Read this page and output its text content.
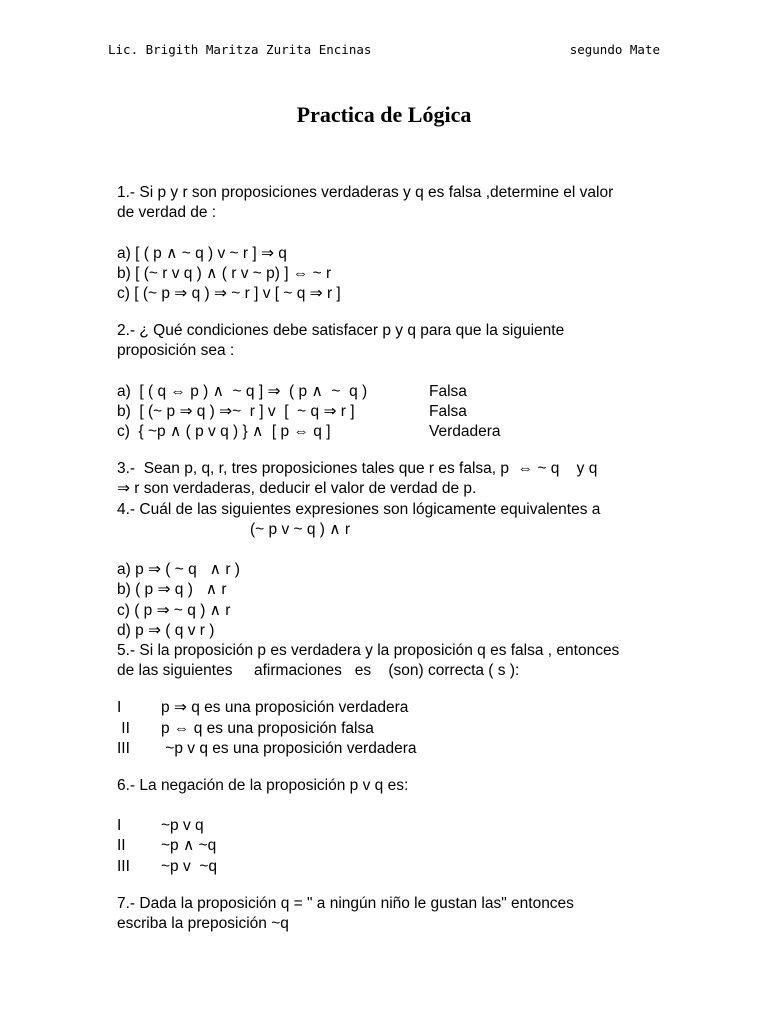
Lic. Brigith Maritza Zurita Encinas	segundo Mate
Practica de Lógica
1.- Si p y r son proposiciones verdaderas y q es falsa ,determine el valor
de verdad de :
a) [ ( p ∧ ~ q ) v ~ r ] ⇒ q
b) [ (~ r v q ) ∧ ( r v ~ p) ] ⇔ ~ r
c) [ (~ p ⇒ q ) ⇒ ~ r ] v [ ~ q ⇒ r ]
2.- ¿ Qué condiciones debe satisfacer p y q para que la siguiente
proposición sea :
a)  [ ( q ⇔ p ) ∧  ~ q ] ⇒  ( p ∧  ~  q )	Falsa
b)  [ (~ p ⇒ q ) ⇒~  r ] v  [  ~ q ⇒ r ]	Falsa
c)  { ~p ∧ ( p v q ) } ∧  [ p ⇔ q ]	Verdadera
3.-  Sean p, q, r, tres proposiciones tales que r es falsa, p  ⇔ ~ q    y q
⇒ r son verdaderas, deducir el valor de verdad de p.
4.- Cuál de las siguientes expresiones son lógicamente equivalentes a
(~ p v ~ q ) ∧ r
a) p ⇒ ( ~ q   ∧ r )
b) ( p ⇒ q )   ∧ r
c) ( p ⇒ ~ q ) ∧ r
d) p ⇒ ( q v r )
5.- Si la proposición p es verdadera y la proposición q es falsa , entonces
de las siguientes     afirmaciones   es    (son) correcta ( s ):
I	p ⇒ q es una proposición verdadera
II	p ⇔ q es una proposición falsa
III	~p v q es una proposición verdadera
6.- La negación de la proposición p v q es:
I	~p v q
II	~p ∧ ~q
III	~p v  ~q
7.- Dada la proposición q = " a ningún niño le gustan las" entonces
escriba la preposición ~q
